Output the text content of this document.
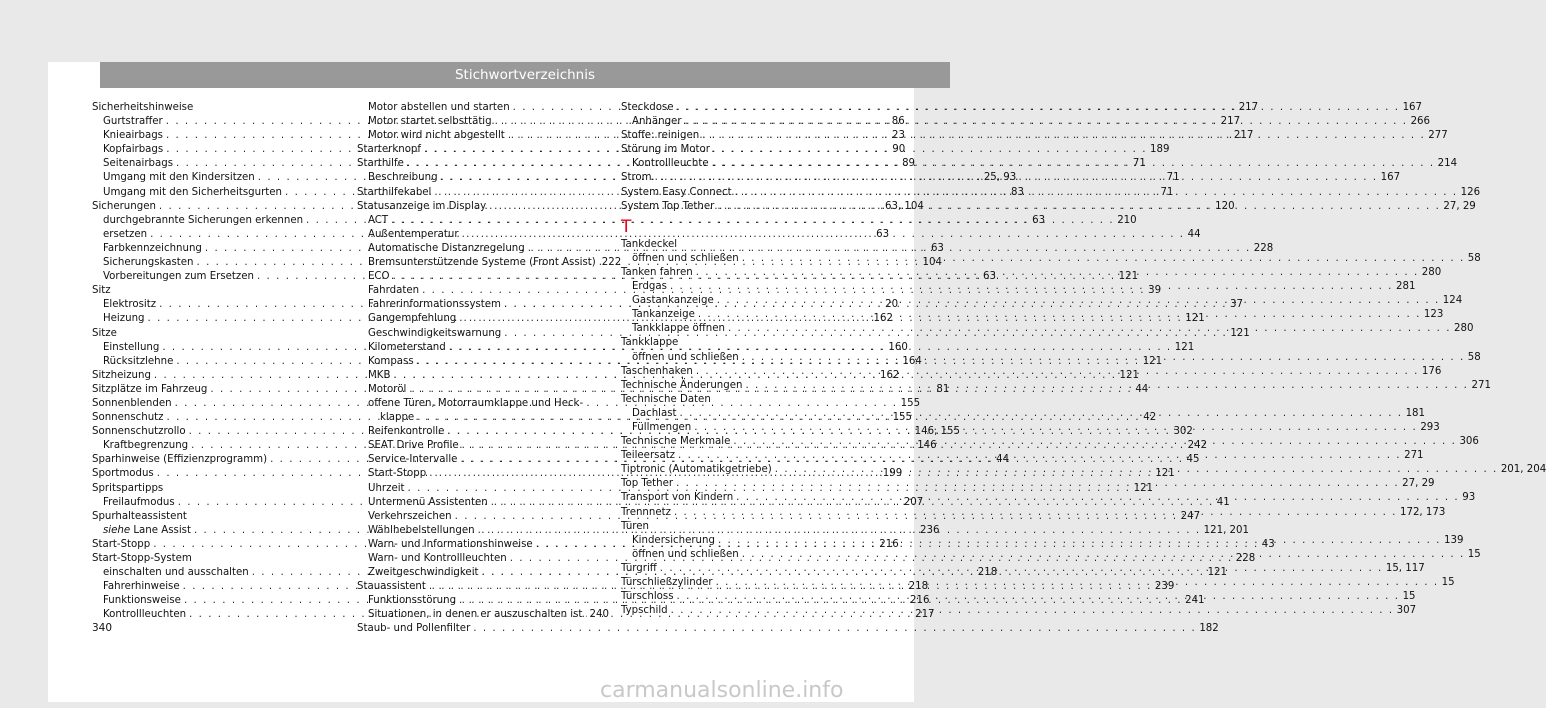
Stichwortverzeichnis
Sicherheitshinweise
Gurtstraffer . . .	86
Knieairbags . . .	23
Kopfairbags . . .	90
Seitenairbags . . .	89
Umgang mit den Kindersitzen . . .	25, 93
Umgang mit den Sicherheitsgurten . . .	83
Sicherungen . . .	63, 104
durchgebrannte Sicherungen erkennen . . .	63
ersetzen . . .	63
Farbkennzeichnung . . .	63
Sicherungskasten . . .	104
Vorbereitungen zum Ersetzen . . .	63
Sitz
Elektrositz . . .	20
Heizung . . .	162
Sitze
Einstellung . . .	160
Rücksitzlehne . . .	164
Sitzheizung . . .	162
Sitzplätze im Fahrzeug . . .	81
Sonnenblenden . . .	155
Sonnenschutz . . .	155
Sonnenschutzrollo . . .	146, 155
Kraftbegrenzung . . .	146
Sparhinweise (Effizienzprogramm) . . .	44
Sportmodus . . .	199
Spritspartipps
Freilaufmodus . . .	207
Spurhalteassistent
siehe Lane Assist . . .	236
Start-Stopp . . .	216
Start-Stopp-System
einschalten und ausschalten . . .	218
Fahrerhinweise . . .	218
Funktionsweise . . .	216
Kontrollleuchten . . .	217
Motor abstellen und starten . . .	217
Motor startet selbsttätig . . .	217
Motor wird nicht abgestellt . . .	217
Starterknopf . . .	189
Starthilfe . . .	71
Beschreibung . . .	71
Starthilfekabel . . .	71
Statusanzeige im Display . . .	120
ACT . . .	210
Außentemperatur . . .	44
Automatische Distanzregelung . . .	228
Bremsunterstützende Systeme (Front Assist) 222
ECO . . .	121
Fahrdaten . . .	39
Fahrerinformationssystem . . .	37
Gangempfehlung . . .	121
Geschwindigkeitswarnung . . .	121
Kilometerstand . . .	121
Kompass . . .	121
MKB . . .	121
Motoröl . . .	44
offene Türen, Motorraumklappe und Heck-
klappe . . .	42
Reifenkontrolle . . .	302
SEAT Drive Profile . . .	242
Service-Intervalle . . .	45
Start-Stopp . . .	121
Uhrzeit . . .	121
Untermenü Assistenten . . .	41
Verkehrszeichen . . .	247
Wählhebelstellungen . . .	121, 201
Warn- und Informationshinweise . . .	43
Warn- und Kontrollleuchten . . .	228
Zweitgeschwindigkeit . . .	121
Stauassistent . . .	239
Funktionsstörung . . .	241
Situationen, in denen er auszuschalten ist . . . 240
Staub- und Pollenfilter . . .	182
Steckdose . . .	167
Anhänger . . .	266
Stoffe: reinigen . . .	277
Störung im Motor
Kontrollleuchte . . .	214
Strom . . .	167
System Easy Connect . . .	126
System Top Tether . . .	27, 29
T
Tankdeckel
öffnen und schließen . . .	58
Tanken fahren . . .	280
Erdgas . . .	281
Gastankanzeige . . .	124
Tankanzeige . . .	123
Tankklappe öffnen . . .	280
Tankklappe
öffnen und schließen . . .	58
Taschenhaken . . .	176
Technische Änderungen . . .	271
Technische Daten
Dachlast . . .	181
Füllmengen . . .	293
Technische Merkmale . . .	306
Teileersatz . . .	271
Tiptronic (Automatikgetriebe) . . .	201, 204
Top Tether . . .	27, 29
Transport von Kindern . . .	93
Trennnetz . . .	172, 173
Türen
Kindersicherung . . .	139
öffnen und schließen . . .	15
Türgriff . . .	15, 117
Türschließzylinder . . .	15
Türschloss . . .	15
Typschild . . .	307
340
carmanualsonline.info
